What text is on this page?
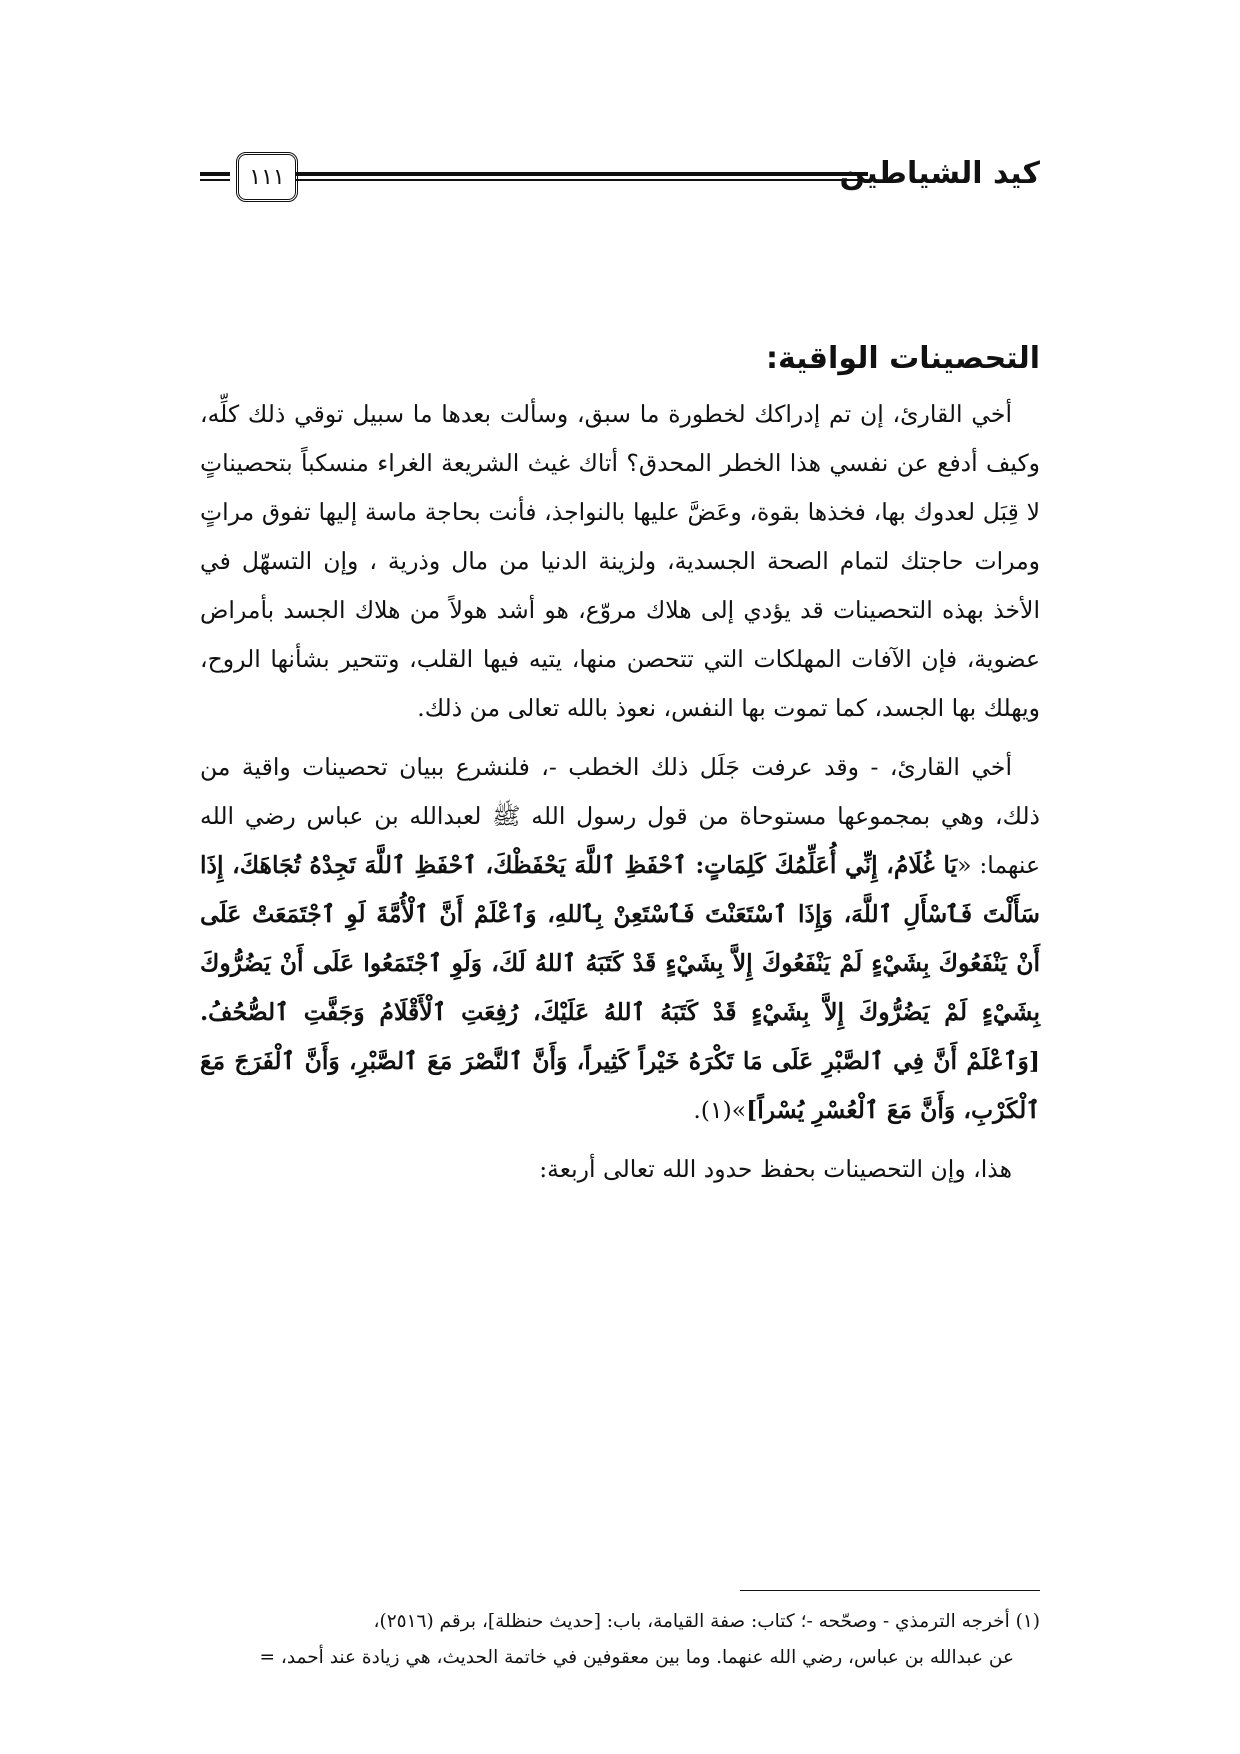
كيد الشياطين
١١١
التحصينات الواقية:

أخي القارئ، إن تم إدراكك لخطورة ما سبق، وسألت بعدها ما سبيل توقي ذلك كلِّه، وكيف أدفع عن نفسي هذا الخطر المحدق؟ أتاك غيث الشريعة الغراء منسكباً بتحصيناتٍ لا قِبَل لعدوك بها، فخذها بقوة، وعَضَّ عليها بالنواجذ، فأنت بحاجة ماسة إليها تفوق مراتٍ ومرات حاجتك لتمام الصحة الجسدية، ولزينة الدنيا من مال وذرية ، وإن التسهّل في الأخذ بهذه التحصينات قد يؤدي إلى هلاك مروّع، هو أشد هولاً من هلاك الجسد بأمراض عضوية، فإن الآفات المهلكات التي تتحصن منها، يتيه فيها القلب، وتتحير بشأنها الروح، ويهلك بها الجسد، كما تموت بها النفس، نعوذ بالله تعالى من ذلك.

أخي القارئ، - وقد عرفت جَلَل ذلك الخطب -، فلنشرع ببيان تحصينات واقية من ذلك، وهي بمجموعها مستوحاة من قول رسول الله ﷺ لعبدالله بن عباس رضي الله عنهما: «يَا غُلَامُ، إِنِّي أُعَلِّمُكَ كَلِمَاتٍ: ٱحْفَظِ ٱللَّهَ يَحْفَظْكَ، ٱحْفَظِ ٱللَّهَ تَجِدْهُ تُجَاهَكَ، إِذَا سَأَلْتَ فَٱسْأَلِ ٱللَّهَ، وَإِذَا ٱسْتَعَنْتَ فَٱسْتَعِنْ بِٱللهِ، وَٱعْلَمْ أَنَّ ٱلْأُمَّةَ لَوِ ٱجْتَمَعَتْ عَلَى أَنْ يَنْفَعُوكَ بِشَيْءٍ لَمْ يَنْفَعُوكَ إِلاَّ بِشَيْءٍ قَدْ كَتَبَهُ ٱللهُ لَكَ، وَلَوِ ٱجْتَمَعُوا عَلَى أَنْ يَضُرُّوكَ بِشَيْءٍ لَمْ يَضُرُّوكَ إِلاَّ بِشَيْءٍ قَدْ كَتَبَهُ ٱللهُ عَلَيْكَ، رُفِعَتِ ٱلْأَقْلَامُ وَجَفَّتِ ٱلصُّحُفُ. [وَٱعْلَمْ أَنَّ فِي ٱلصَّبْرِ عَلَى مَا تَكْرَهُ خَيْراً كَثِيراً، وَأَنَّ ٱلنَّصْرَ مَعَ ٱلصَّبْرِ، وَأَنَّ ٱلْفَرَجَ مَعَ ٱلْكَرْبِ، وَأَنَّ مَعَ ٱلْعُسْرِ يُسْراً]»(١).

هذا، وإن التحصينات بحفظ حدود الله تعالى أربعة:

(١) أخرجه الترمذي - وصحّحه -؛ كتاب: صفة القيامة، باب: [حديث حنظلة]، برقم (٢٥١٦)،

عن عبدالله بن عباس، رضي الله عنهما. وما بين معقوفين في خاتمة الحديث، هي زيادة عند أحمد، =
